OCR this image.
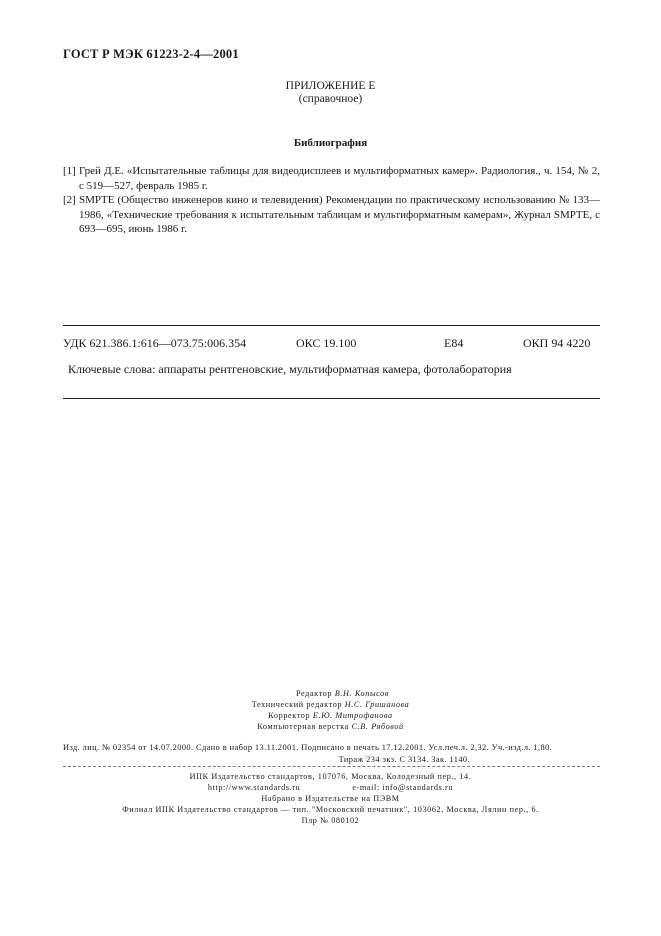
ГОСТ Р МЭК 61223-2-4—2001
ПРИЛОЖЕНИЕ Е
(справочное)
Библиография
[1] Грей Д.Е. «Испытательные таблицы для видеодисплеев и мультиформатных камер». Радиология., ч. 154, № 2, с 519—527, февраль 1985 г.
[2] SMPTE (Общество инженеров кино и телевидения) Рекомендации по практическому использованию № 133—1986, «Технические требования к испытательным таблицам и мультиформатным камерам», Журнал SMPTE, с 693—695, июнь 1986 г.
УДК 621.386.1:616—073.75:006.354	ОКС 19.100	Е84	ОКП 94 4220
Ключевые слова: аппараты рентгеновские, мультиформатная камера, фотолаборатория

Редактор В.Н. Копысов

Технический редактор Н.С. Гришанова

Корректор Е.Ю. Митрофанова

Компьютерная верстка С.В. Рябовой

Изд. лиц. № 02354 от 14.07.2000. Сдано в набор 13.11.2001. Подписано в печать 17.12.2001. Усл.печ.л. 2,32. Уч.-изд.л. 1,80.

Тираж 234 экз. С 3134. Зак. 1140.

ИПК Издательство стандартов, 107076, Москва, Колодезный пер., 14.

http://www.standards.ru	e-mail: info@standards.ru

Набрано в Издательстве на ПЭВМ

Филиал ИПК Издательство стандартов — тип. "Московский печатник", 103062, Москва, Лялин пер., 6.

Плр № 080102
